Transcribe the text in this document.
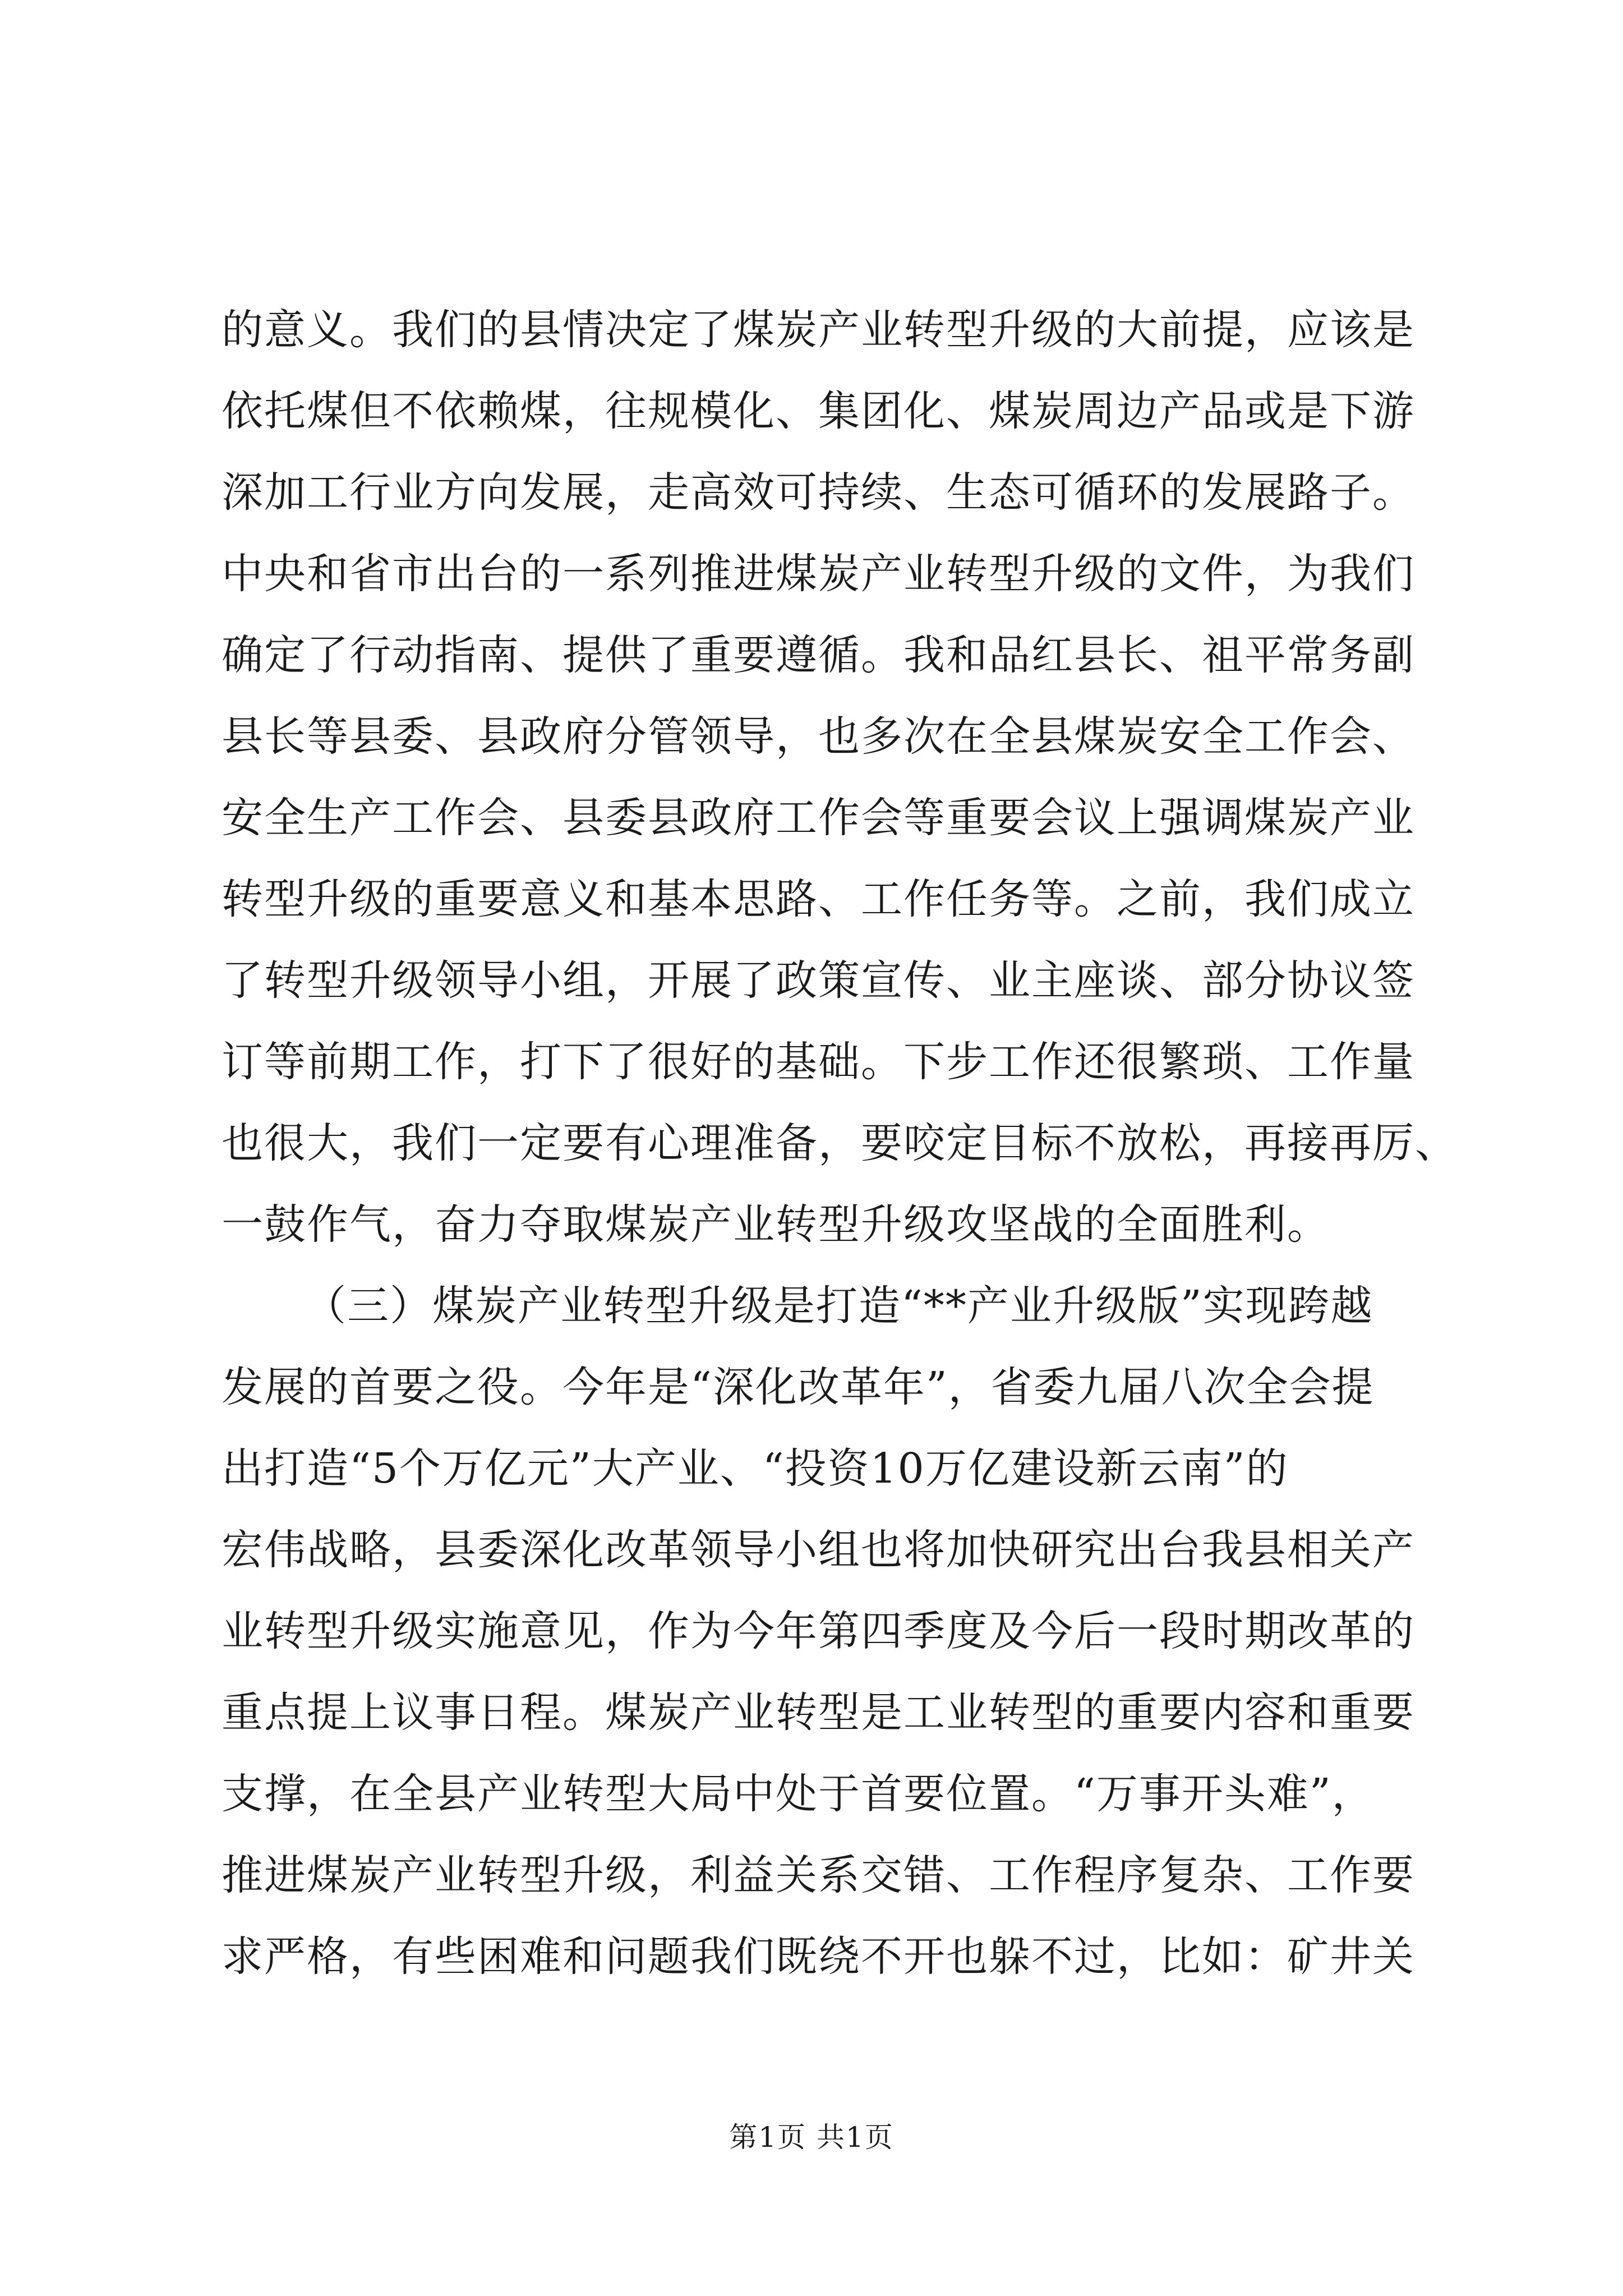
的意义。我们的县情决定了煤炭产业转型升级的大前提，应该是
依托煤但不依赖煤，往规模化、集团化、煤炭周边产品或是下游
深加工行业方向发展，走高效可持续、生态可循环的发展路子。
中央和省市出台的一系列推进煤炭产业转型升级的文件，为我们
确定了行动指南、提供了重要遵循。我和品红县长、祖平常务副
县长等县委、县政府分管领导，也多次在全县煤炭安全工作会、
安全生产工作会、县委县政府工作会等重要会议上强调煤炭产业
转型升级的重要意义和基本思路、工作任务等。之前，我们成立
了转型升级领导小组，开展了政策宣传、业主座谈、部分协议签
订等前期工作，打下了很好的基础。下步工作还很繁琐、工作量
也很大，我们一定要有心理准备，要咬定目标不放松，再接再厉、
一鼓作气，奋力夺取煤炭产业转型升级攻坚战的全面胜利。
（三）煤炭产业转型升级是打造“**产业升级版”实现跨越
发展的首要之役。今年是“深化改革年”，省委九届八次全会提
出打造“5个万亿元”大产业、“投资10万亿建设新云南”的
宏伟战略，县委深化改革领导小组也将加快研究出台我县相关产
业转型升级实施意见，作为今年第四季度及今后一段时期改革的
重点提上议事日程。煤炭产业转型是工业转型的重要内容和重要
支撑，在全县产业转型大局中处于首要位置。“万事开头难”，
推进煤炭产业转型升级，利益关系交错、工作程序复杂、工作要
求严格，有些困难和问题我们既绕不开也躲不过，比如：矿井关
第1页 共1页
